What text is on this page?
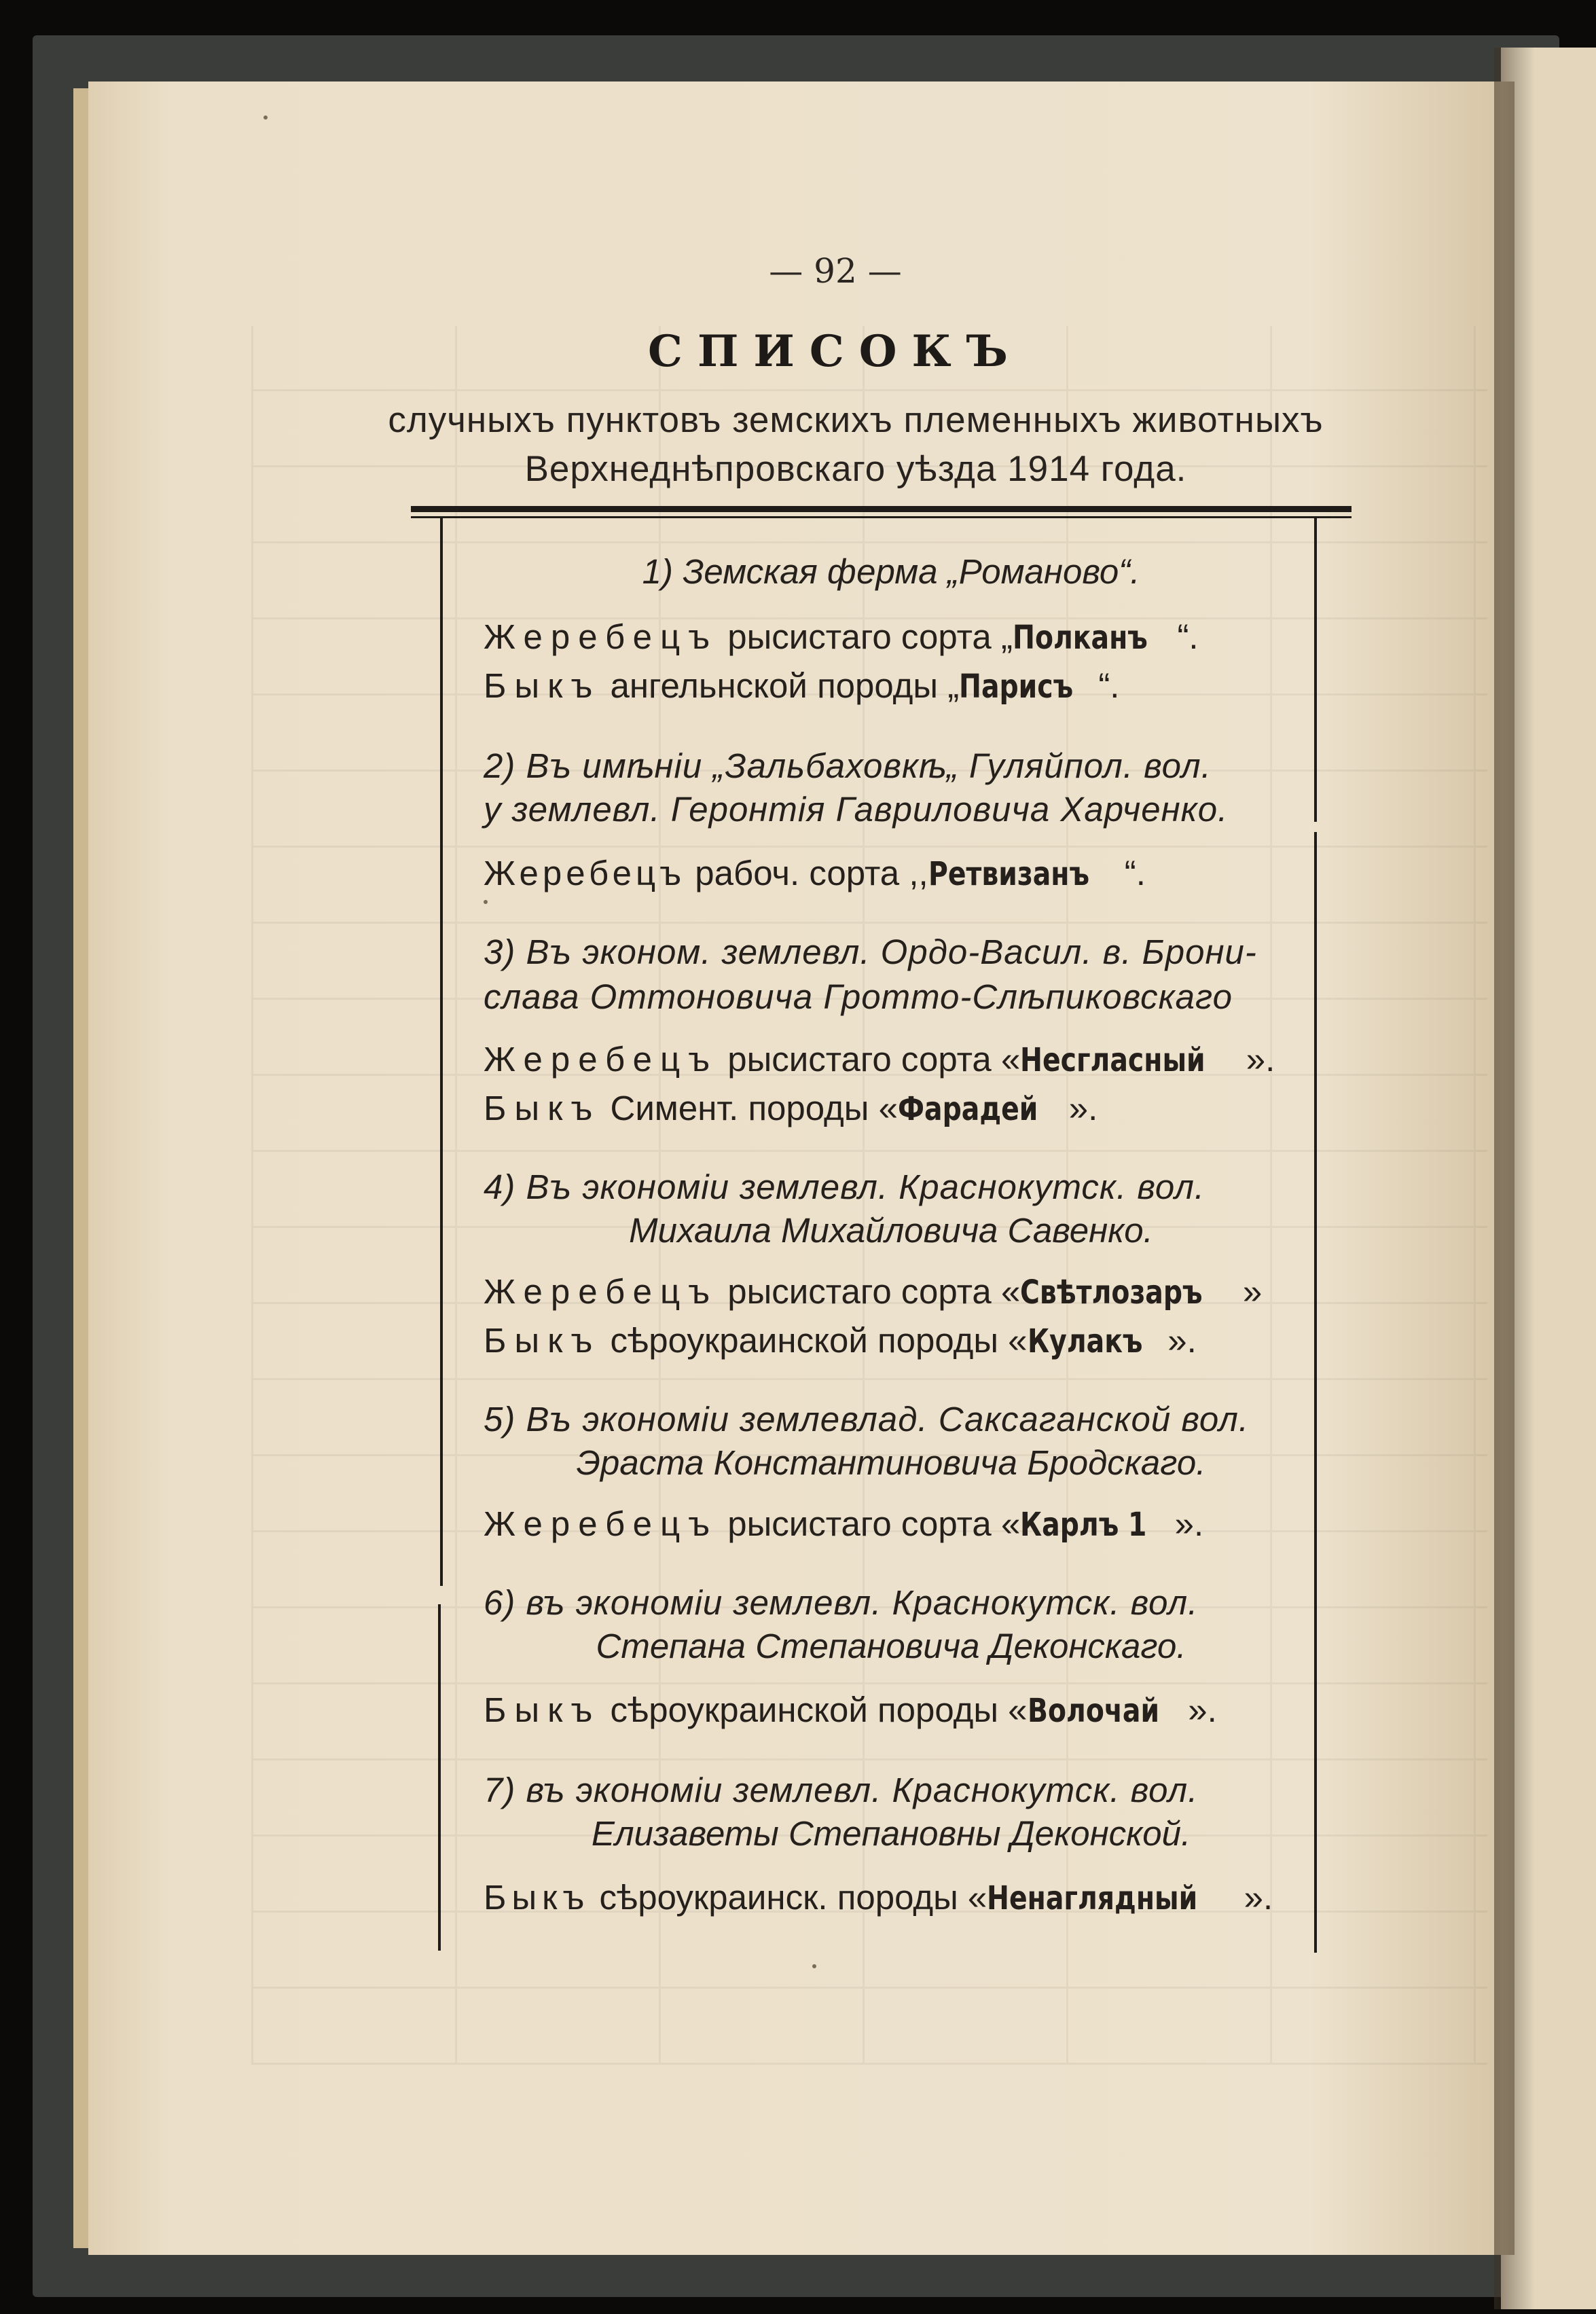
— 92 —
СПИСОКЪ
случныхъ пунктовъ земскихъ племенныхъ животныхъ
Верхнеднѣпровскаго уѣзда 1914 года.
1) Земская ферма „Романово“.
Жеребецъ рысистаго сорта „Полканъ “.
Быкъ ангельнской породы „Парисъ “.
2) Въ имѣніи „Зальбаховкѣ„ Гуляйпол. вол.
у землевл. Геронтія Гавриловича Харченко.
Жеребецъ рабоч. сорта ,,Ретвизанъ “.
3) Въ эконом. землевл. Ордо-Васил. в. Брони-
слава Оттоновича Гротто-Слѣпиковскаго
Жеребецъ рысистаго сорта «Несгласный ».
Быкъ Симент. породы «Фарадей ».
4) Въ экономіи землевл. Краснокутск. вол.
Михаила Михайловича Савенко.
Жеребецъ рысистаго сорта «Свѣтлозаръ »
Быкъ сѣроукраинской породы «Кулакъ ».
5) Въ экономіи землевлад. Саксаганской вол.
Эраста Константиновича Бродскаго.
Жеребецъ рысистаго сорта «Карлъ 1 ».
6) въ экономіи землевл. Краснокутск. вол.
Степана Степановича Деконскаго.
Быкъ сѣроукраинской породы «Волочай ».
7) въ экономіи землевл. Краснокутск. вол.
Елизаветы Степановны Деконской.
Быкъ сѣроукраинск. породы «Ненаглядный ».
